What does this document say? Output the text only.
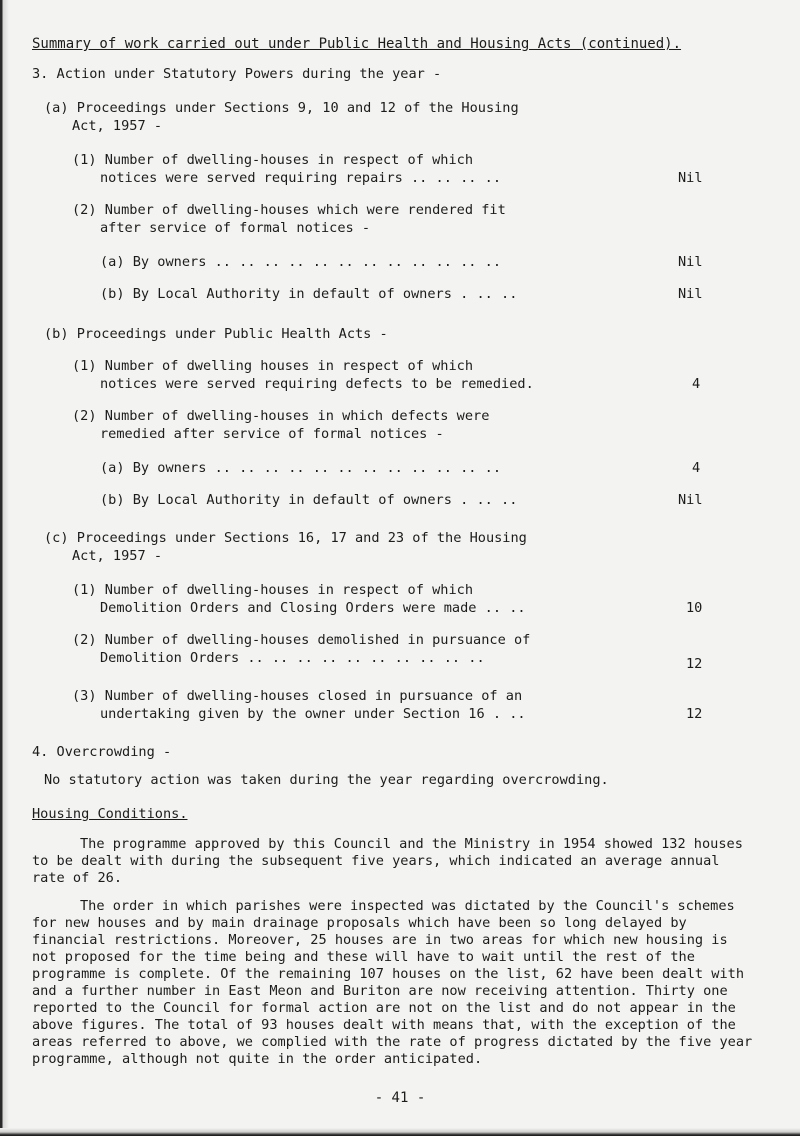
Summary of work carried out under Public Health and Housing Acts (continued).
3. Action under Statutory Powers during the year -
(a) Proceedings under Sections 9, 10 and 12 of the Housing
Act, 1957 -
(1) Number of dwelling-houses in respect of which
notices were served requiring repairs .. .. .. ..	Nil
(2) Number of dwelling-houses which were rendered fit
after service of formal notices -
(a) By owners .. .. .. .. .. .. .. .. .. .. .. ..	Nil
(b) By Local Authority in default of owners . .. ..	Nil
(b) Proceedings under Public Health Acts -
(1) Number of dwelling houses in respect of which
notices were served requiring defects to be remedied.	4
(2) Number of dwelling-houses in which defects were
remedied after service of formal notices -
(a) By owners .. .. .. .. .. .. .. .. .. .. .. ..	4
(b) By Local Authority in default of owners . .. ..	Nil
(c) Proceedings under Sections 16, 17 and 23 of the Housing
Act, 1957 -
(1) Number of dwelling-houses in respect of which
Demolition Orders and Closing Orders were made .. ..	10
(2) Number of dwelling-houses demolished in pursuance of
Demolition Orders .. .. .. .. .. .. .. .. .. ..	12
(3) Number of dwelling-houses closed in pursuance of an
undertaking given by the owner under Section 16 . ..	12
4. Overcrowding -
No statutory action was taken during the year regarding overcrowding.
Housing Conditions.

The programme approved by this Council and the Ministry in 1954 showed 132 houses to be dealt with during the subsequent five years, which indicated an average annual rate of 26.

The order in which parishes were inspected was dictated by the Council's schemes for new houses and by main drainage proposals which have been so long delayed by financial restrictions. Moreover, 25 houses are in two areas for which new housing is not proposed for the time being and these will have to wait until the rest of the programme is complete. Of the remaining 107 houses on the list, 62 have been dealt with and a further number in East Meon and Buriton are now receiving attention. Thirty one reported to the Council for formal action are not on the list and do not appear in the above figures. The total of 93 houses dealt with means that, with the exception of the areas referred to above, we complied with the rate of progress dictated by the five year programme, although not quite in the order anticipated.

- 41 -
